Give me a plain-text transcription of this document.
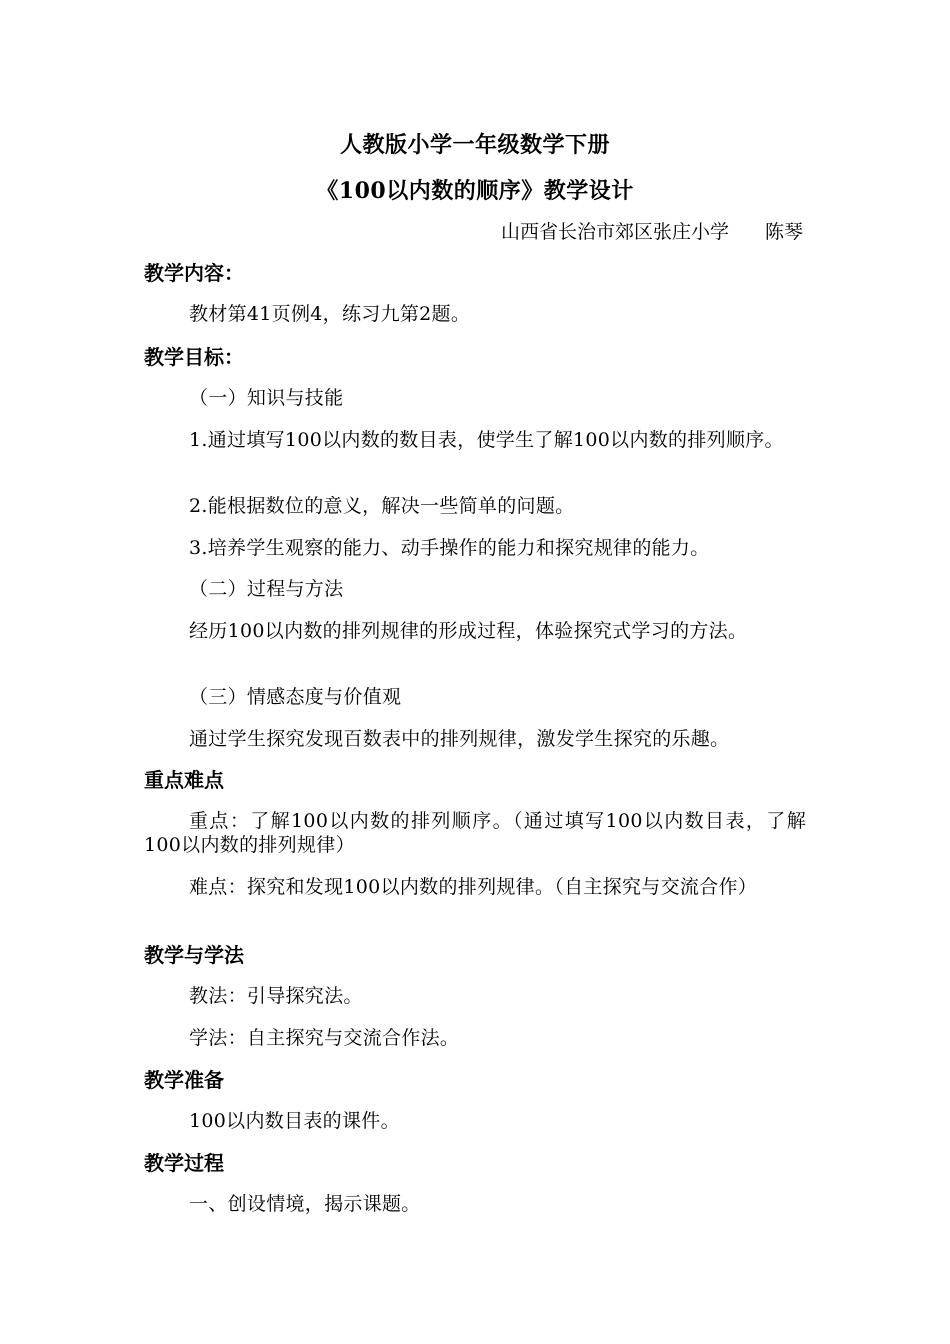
人教版小学一年级数学下册
《100以内数的顺序》教学设计
山西省长治市郊区张庄小学 陈琴
教学内容：
教材第41页例4，练习九第2题。
教学目标：
（一）知识与技能
1.通过填写100以内数的数目表，使学生了解100以内数的排列顺序。
2.能根据数位的意义，解决一些简单的问题。
3.培养学生观察的能力、动手操作的能力和探究规律的能力。
（二）过程与方法
经历100以内数的排列规律的形成过程，体验探究式学习的方法。
（三）情感态度与价值观
通过学生探究发现百数表中的排列规律，激发学生探究的乐趣。
重点难点
重点：了解100以内数的排列顺序。（通过填写100以内数目表，了解100以内数的排列规律）
难点：探究和发现100以内数的排列规律。（自主探究与交流合作）
教学与学法
教法：引导探究法。
学法：自主探究与交流合作法。
教学准备
100以内数目表的课件。
教学过程
一、创设情境，揭示课题。
